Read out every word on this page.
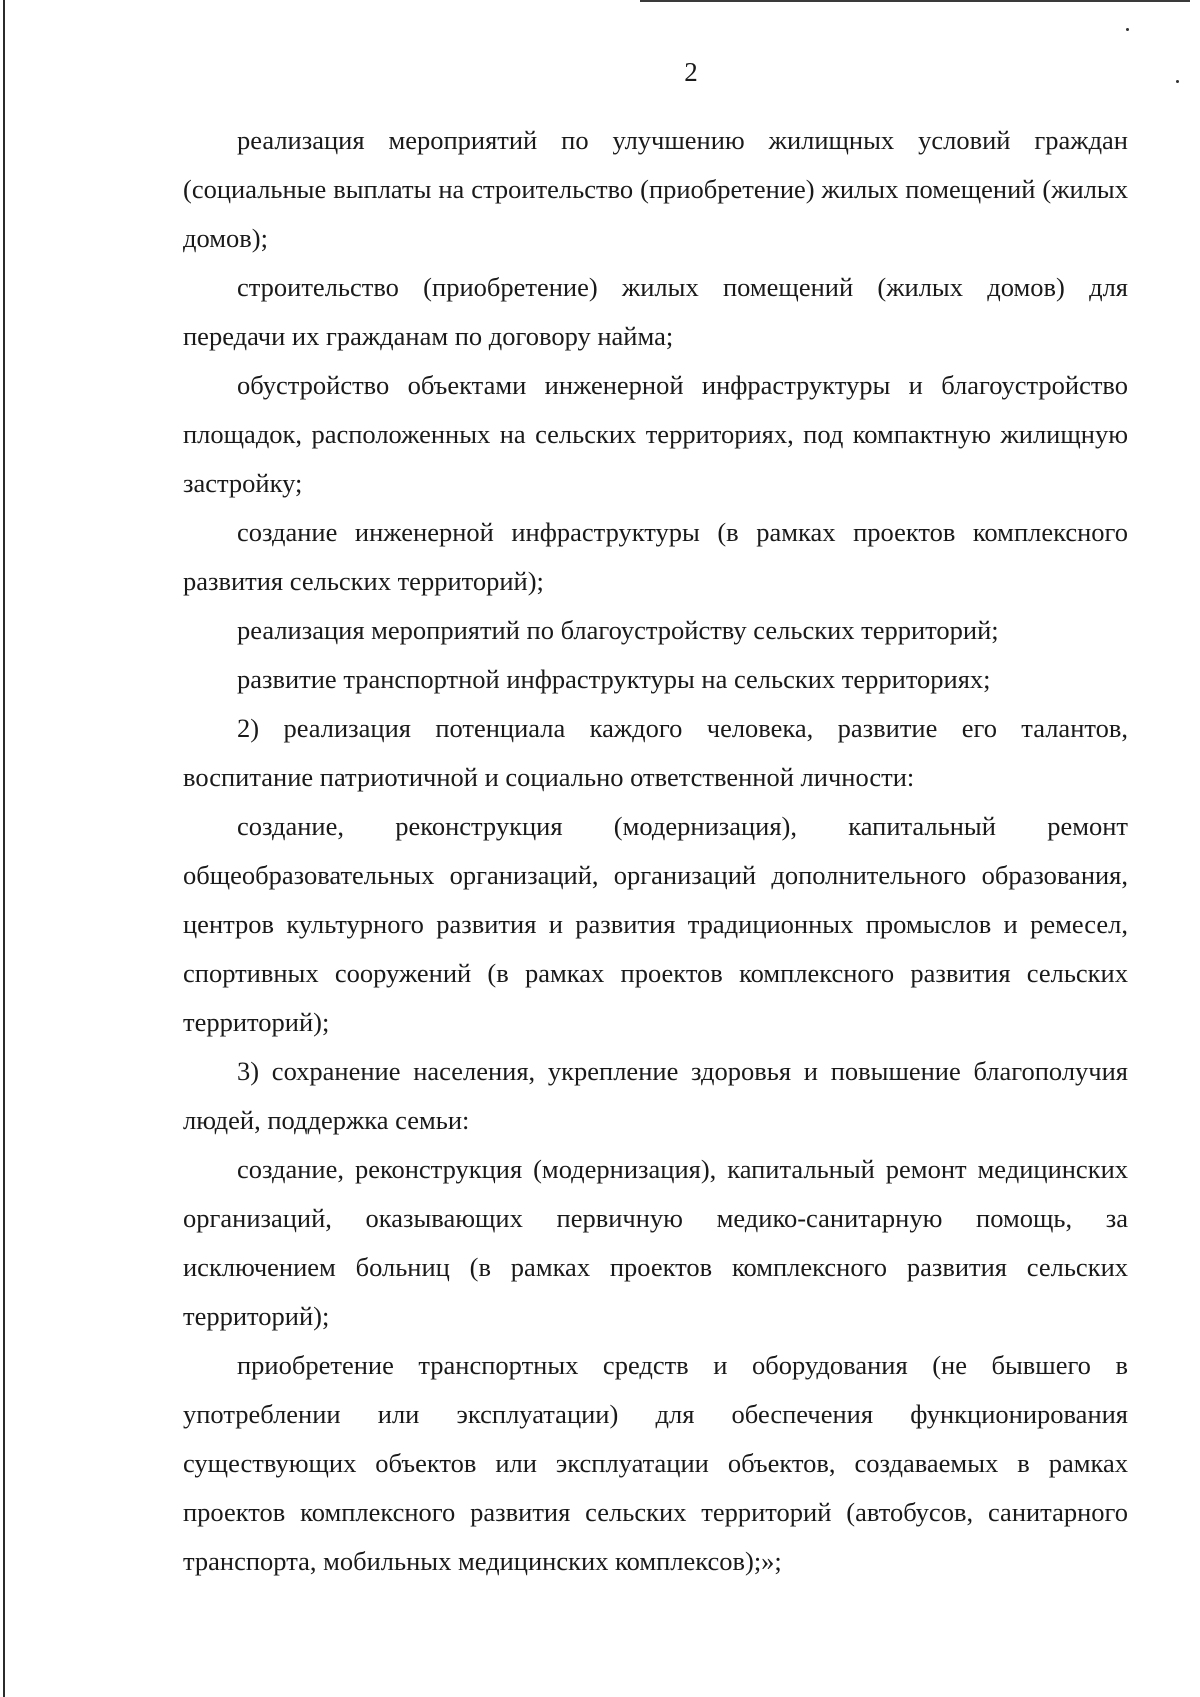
2

реализация мероприятий по улучшению жилищных условий граждан (социальные выплаты на строительство (приобретение) жилых помещений (жилых домов);

строительство (приобретение) жилых помещений (жилых домов) для передачи их гражданам по договору найма;

обустройство объектами инженерной инфраструктуры и благоустройство площадок, расположенных на сельских территориях, под компактную жилищную застройку;

создание инженерной инфраструктуры (в рамках проектов комплексного развития сельских территорий);

реализация мероприятий по благоустройству сельских территорий;

развитие транспортной инфраструктуры на сельских территориях;

2) реализация потенциала каждого человека, развитие его талантов, воспитание патриотичной и социально ответственной личности:

создание, реконструкция (модернизация), капитальный ремонт общеобразовательных организаций, организаций дополнительного образования, центров культурного развития и развития традиционных промыслов и ремесел, спортивных сооружений (в рамках проектов комплексного развития сельских территорий);

3) сохранение населения, укрепление здоровья и повышение благополучия людей, поддержка семьи:

создание, реконструкция (модернизация), капитальный ремонт медицинских организаций, оказывающих первичную медико-санитарную помощь, за исключением больниц (в рамках проектов комплексного развития сельских территорий);

приобретение транспортных средств и оборудования (не бывшего в употреблении или эксплуатации) для обеспечения функционирования существующих объектов или эксплуатации объектов, создаваемых в рамках проектов комплексного развития сельских территорий (автобусов, санитарного транспорта, мобильных медицинских комплексов);»;
